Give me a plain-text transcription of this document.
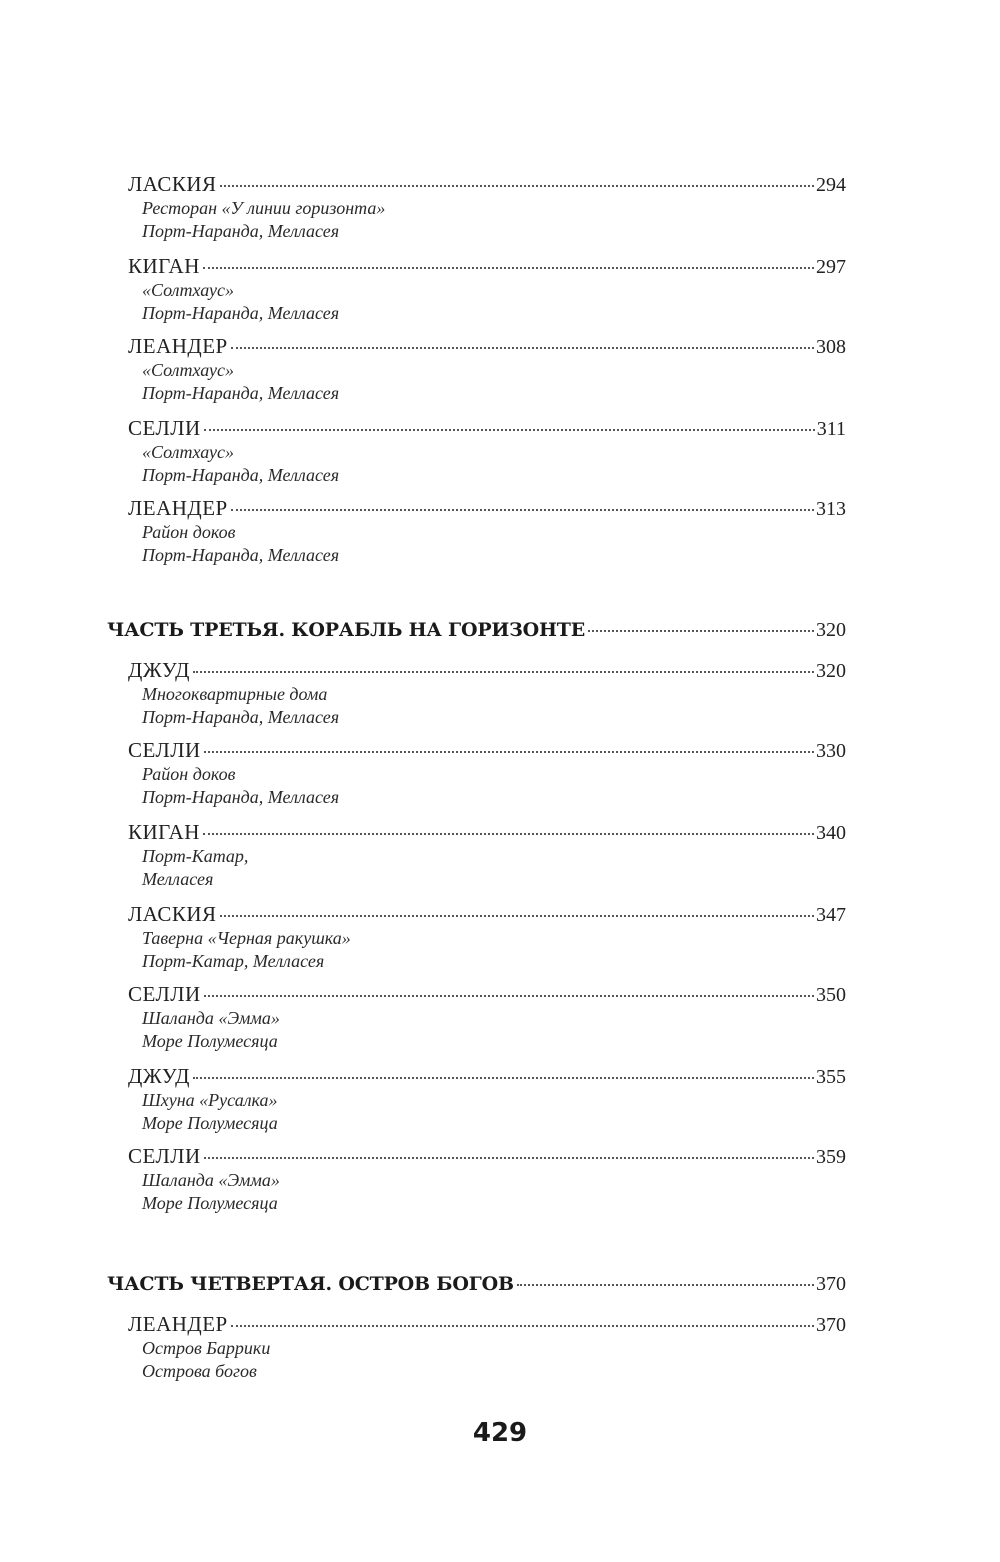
ЛАСКИЯ	294
Ресторан «У линии горизонта»
Порт-Наранда, Мелласея
КИГАН	297
«Солтхаус»
Порт-Наранда, Мелласея
ЛЕАНДЕР	308
«Солтхаус»
Порт-Наранда, Мелласея
СЕЛЛИ	311
«Солтхаус»
Порт-Наранда, Мелласея
ЛЕАНДЕР	313
Район доков
Порт-Наранда, Мелласея
ЧАСТЬ ТРЕТЬЯ. КОРАБЛЬ НА ГОРИЗОНТЕ	320
ДЖУД	320
Многоквартирные дома
Порт-Наранда, Мелласея
СЕЛЛИ	330
Район доков
Порт-Наранда, Мелласея
КИГАН	340
Порт-Катар,
Мелласея
ЛАСКИЯ	347
Таверна «Черная ракушка»
Порт-Катар, Мелласея
СЕЛЛИ	350
Шаланда «Эмма»
Море Полумесяца
ДЖУД	355
Шхуна «Русалка»
Море Полумесяца
СЕЛЛИ	359
Шаланда «Эмма»
Море Полумесяца
ЧАСТЬ ЧЕТВЕРТАЯ. ОСТРОВ БОГОВ	370
ЛЕАНДЕР	370
Остров Баррики
Острова богов
429
